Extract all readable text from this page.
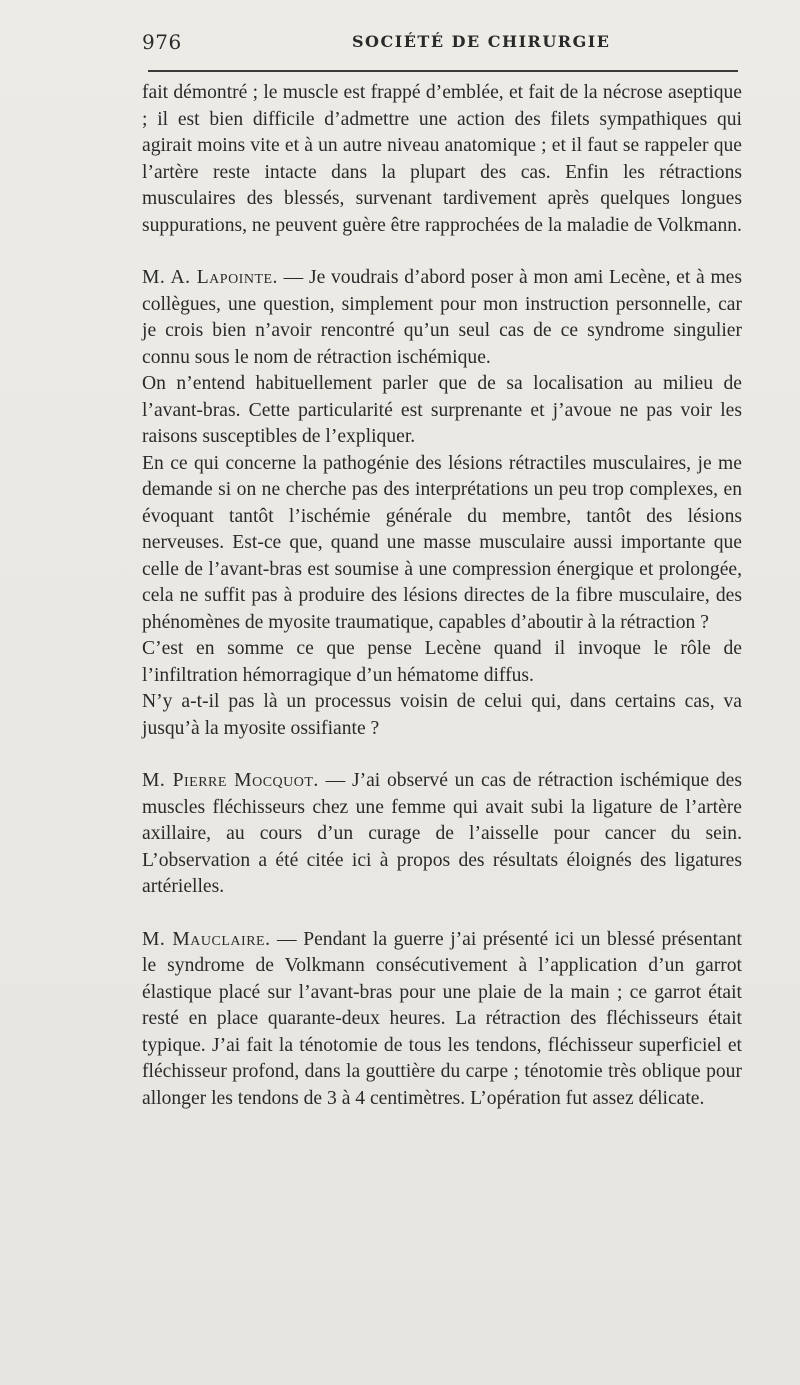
976	SOCIÉTÉ DE CHIRURGIE

fait démontré ; le muscle est frappé d’emblée, et fait de la nécrose aseptique ; il est bien difficile d’admettre une action des filets sympathiques qui agirait moins vite et à un autre niveau anatomique ; et il faut se rappeler que l’artère reste intacte dans la plupart des cas. Enfin les rétractions musculaires des blessés, survenant tardivement après quelques longues suppurations, ne peuvent guère être rapprochées de la maladie de Volkmann.

M. A. Lapointe. — Je voudrais d’abord poser à mon ami Lecène, et à mes collègues, une question, simplement pour mon instruction personnelle, car je crois bien n’avoir rencontré qu’un seul cas de ce syndrome singulier connu sous le nom de rétraction ischémique.

On n’entend habituellement parler que de sa localisation au milieu de l’avant-bras. Cette particularité est surprenante et j’avoue ne pas voir les raisons susceptibles de l’expliquer.

En ce qui concerne la pathogénie des lésions rétractiles musculaires, je me demande si on ne cherche pas des interprétations un peu trop complexes, en évoquant tantôt l’ischémie générale du membre, tantôt des lésions nerveuses. Est-ce que, quand une masse musculaire aussi importante que celle de l’avant-bras est soumise à une compression énergique et prolongée, cela ne suffit pas à produire des lésions directes de la fibre musculaire, des phénomènes de myosite traumatique, capables d’aboutir à la rétraction ?

C’est en somme ce que pense Lecène quand il invoque le rôle de l’infiltration hémorragique d’un hématome diffus.

N’y a-t-il pas là un processus voisin de celui qui, dans certains cas, va jusqu’à la myosite ossifiante ?

M. Pierre Mocquot. — J’ai observé un cas de rétraction ischémique des muscles fléchisseurs chez une femme qui avait subi la ligature de l’artère axillaire, au cours d’un curage de l’aisselle pour cancer du sein. L’observation a été citée ici à propos des résultats éloignés des ligatures artérielles.

M. Mauclaire. — Pendant la guerre j’ai présenté ici un blessé présentant le syndrome de Volkmann consécutivement à l’application d’un garrot élastique placé sur l’avant-bras pour une plaie de la main ; ce garrot était resté en place quarante-deux heures. La rétraction des fléchisseurs était typique. J’ai fait la ténotomie de tous les tendons, fléchisseur superficiel et fléchisseur profond, dans la gouttière du carpe ; ténotomie très oblique pour allonger les tendons de 3 à 4 centimètres. L’opération fut assez délicate.
